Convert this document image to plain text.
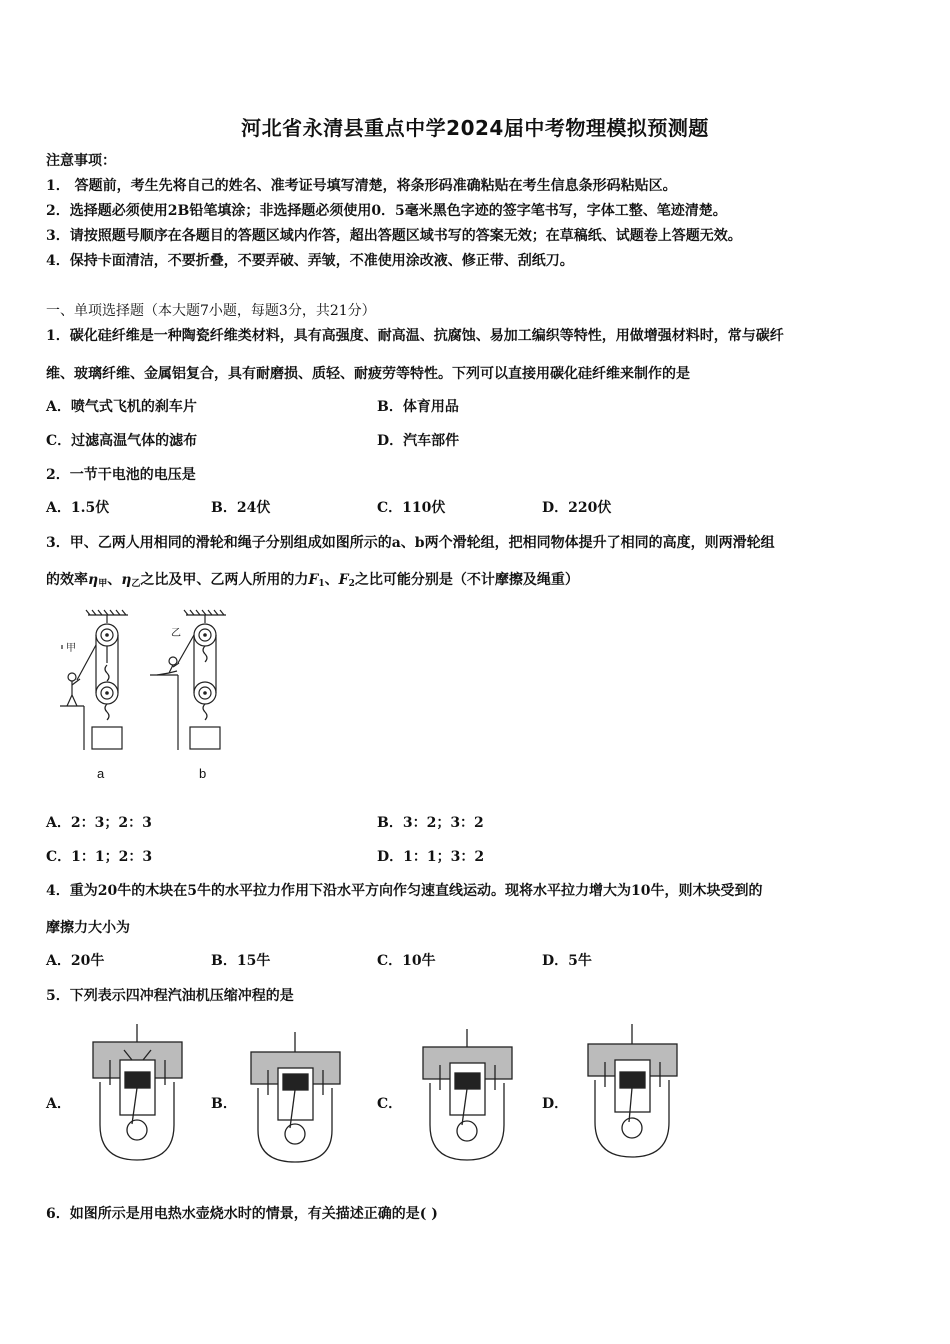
河北省永清县重点中学2024届中考物理模拟预测题
注意事项：
1． 答题前，考生先将自己的姓名、准考证号填写清楚，将条形码准确粘贴在考生信息条形码粘贴区。
2．选择题必须使用2B铅笔填涂；非选择题必须使用0．5毫米黑色字迹的签字笔书写，字体工整、笔迹清楚。
3．请按照题号顺序在各题目的答题区域内作答，超出答题区域书写的答案无效；在草稿纸、试题卷上答题无效。
4．保持卡面清洁，不要折叠，不要弄破、弄皱，不准使用涂改液、修正带、刮纸刀。
一、单项选择题（本大题7小题，每题3分，共21分）
1．碳化硅纤维是一种陶瓷纤维类材料，具有高强度、耐高温、抗腐蚀、易加工编织等特性，用做增强材料时，常与碳纤
维、玻璃纤维、金属铝复合，具有耐磨损、质轻、耐疲劳等特性。下列可以直接用碳化硅纤维来制作的是
A．喷气式飞机的刹车片	B．体育用品
C．过滤高温气体的滤布	D．汽车部件
2．一节干电池的电压是
A．1.5伏	B．24伏	C．110伏	D．220伏
3．甲、乙两人用相同的滑轮和绳子分别组成如图所示的a、b两个滑轮组，把相同物体提升了相同的高度，则两滑轮组
的效率$\eta_甲$、$\eta_乙$之比及甲、乙两人所用的力$F_1$、$F_2$之比可能分别是（不计摩擦及绳重）
甲
乙
a	b
A．2：3；2：3	B．3：2；3：2
C．1：1；2：3	D．1：1；3：2
4．重为20牛的木块在5牛的水平拉力作用下沿水平方向作匀速直线运动。现将水平拉力增大为10牛，则木块受到的
摩擦力大小为
A．20牛	B．15牛	C．10牛	D．5牛
5．下列表示四冲程汽油机压缩冲程的是
A．	B．	C．	D．
6．如图所示是用电热水壶烧水时的情景，有关描述正确的是( )
